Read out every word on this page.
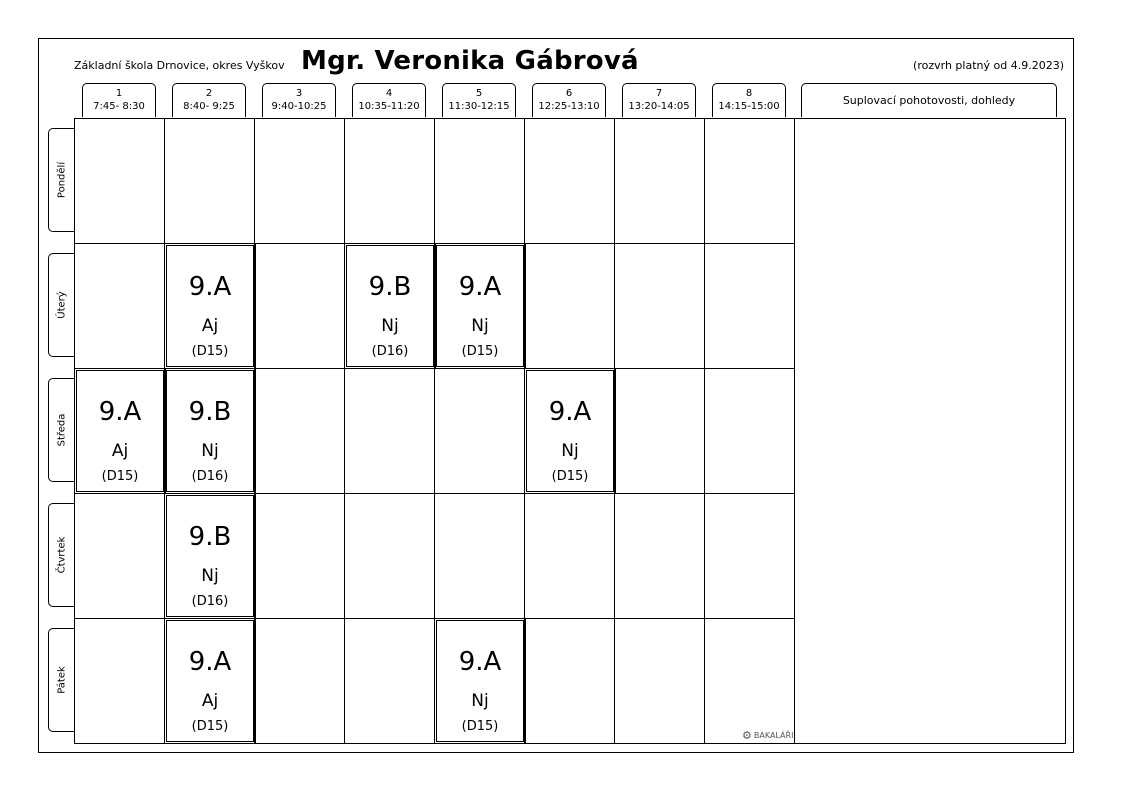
Základní škola Drnovice, okres Vyškov Mgr. Veronika Gábrová	(rozvrh platný od 4.9.2023)
1
7:45- 8:30
2
8:40- 9:25
3
9:40-10:25
4
10:35-11:20
5
11:30-12:15
6
12:25-13:10
7
13:20-14:05
8
14:15-15:00	Suplovací pohotovosti, dohledy
Pondělí
Úterý
Středa
Čtvrtek
Pátek
9.A
Aj
(D15)
9.B
Nj
(D16)
9.A
Nj
(D15)
9.A
Aj
(D15)
9.B
Nj
(D16)
9.A
Nj
(D15)
9.B
Nj
(D16)
9.A
Aj
(D15)
9.A
Nj
(D15)
⚙ BAKALÁŘI
